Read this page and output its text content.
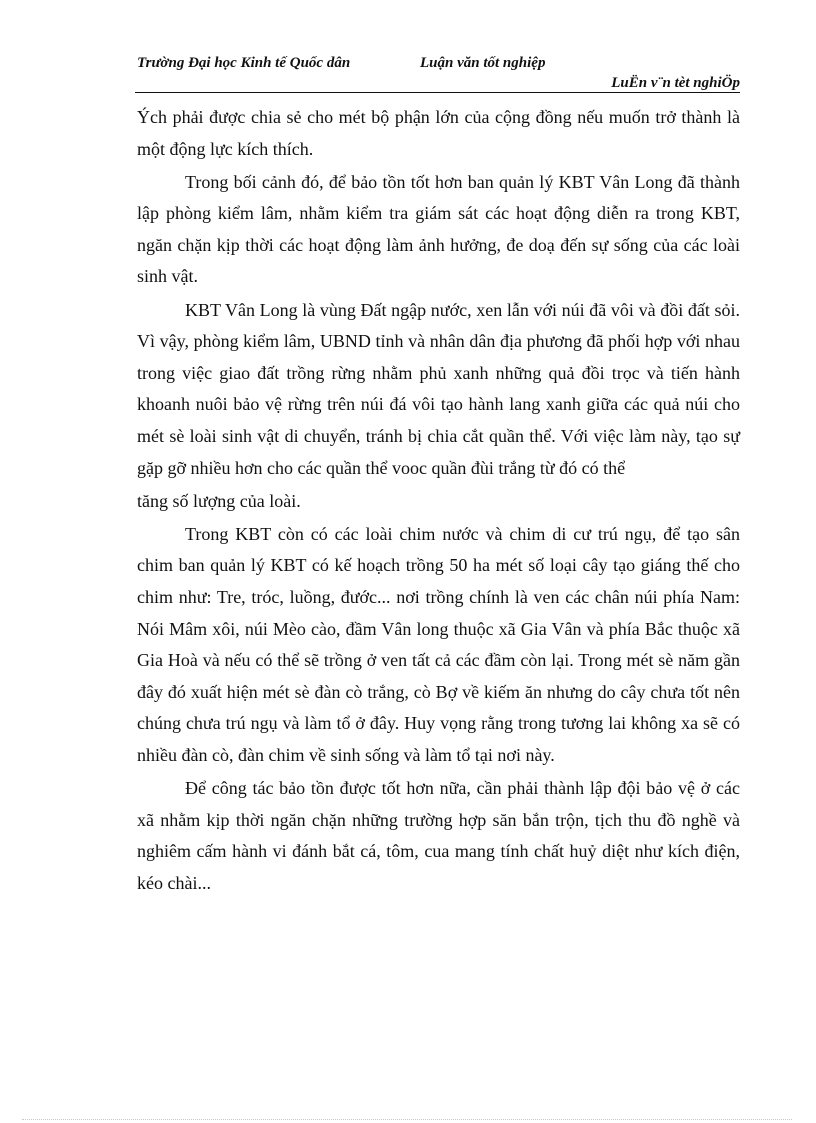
Trường Đại học Kinh tế Quốc dân	Luận văn tốt nghiệp
LuËn v¨n tèt nghiÖp

Ých phải được chia sẻ cho mét bộ phận lớn của cộng đồng nếu muốn trở thành là một động lực kích thích.

Trong bối cảnh đó, để bảo tồn tốt hơn ban quản lý KBT Vân Long đã thành lập phòng kiểm lâm, nhằm kiểm tra giám sát các hoạt động diễn ra trong KBT, ngăn chặn kịp thời các hoạt động làm ảnh hưởng, đe doạ đến sự sống của các loài sinh vật.

KBT Vân Long là vùng Đất ngập nước, xen lẫn với núi đã vôi và đồi đất sỏi. Vì vậy, phòng kiểm lâm, UBND tỉnh và nhân dân địa phương đã phối hợp với nhau trong việc giao đất trồng rừng nhằm phủ xanh những quả đồi trọc và tiến hành khoanh nuôi bảo vệ rừng trên núi đá vôi tạo hành lang xanh giữa các quả núi cho mét sè loài sinh vật di chuyển, tránh bị chia cắt quần thể. Với việc làm này, tạo sự gặp gỡ nhiều hơn cho các quần thể vooc quần đùi trắng từ đó có thể

tăng số lượng của loài.

Trong KBT còn có các loài chim nước và chim di cư trú ngụ, để tạo sân chim ban quản lý KBT có kế hoạch trồng 50 ha mét số loại cây tạo giáng thế cho chim như: Tre, tróc, luồng, đước... nơi trồng chính là ven các chân núi phía Nam: Nói Mâm xôi, núi Mèo cào, đầm Vân long thuộc xã Gia Vân và phía Bắc thuộc xã Gia Hoà và nếu có thể sẽ trồng ở ven tất cả các đầm còn lại. Trong mét sè năm gần đây đó xuất hiện mét sè đàn cò trắng, cò Bợ về kiếm ăn nhưng do cây chưa tốt nên chúng chưa trú ngụ và làm tổ ở đây. Huy vọng rằng trong tương lai không xa sẽ có nhiều đàn cò, đàn chim về sinh sống và làm tổ tại nơi này.

Để công tác bảo tồn được tốt hơn nữa, cần phải thành lập đội bảo vệ ở các xã nhằm kịp thời ngăn chặn những trường hợp săn bắn trộn, tịch thu đồ nghề và nghiêm cấm hành vi đánh bắt cá, tôm, cua mang tính chất huỷ diệt như kích điện, kéo chài...
